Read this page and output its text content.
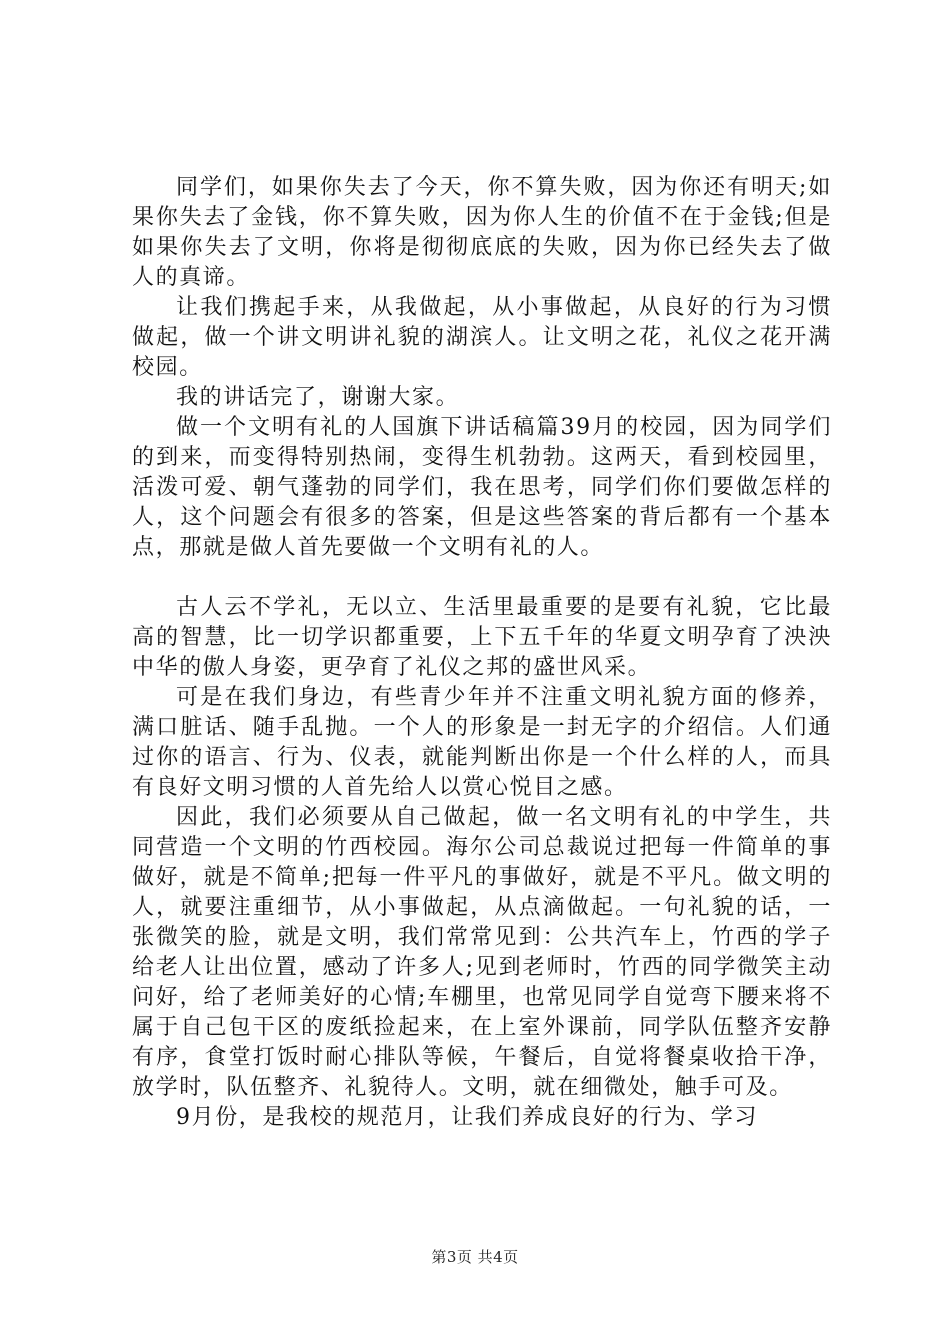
同学们，如果你失去了今天，你不算失败，因为你还有明天;如果你失去了金钱，你不算失败，因为你人生的价值不在于金钱;但是如果你失去了文明，你将是彻彻底底的失败，因为你已经失去了做人的真谛。

让我们携起手来，从我做起，从小事做起，从良好的行为习惯做起，做一个讲文明讲礼貌的湖滨人。让文明之花，礼仪之花开满校园。

我的讲话完了，谢谢大家。

做一个文明有礼的人国旗下讲话稿篇39月的校园，因为同学们的到来，而变得特别热闹，变得生机勃勃。这两天，看到校园里，活泼可爱、朝气蓬勃的同学们，我在思考，同学们你们要做怎样的人，这个问题会有很多的答案，但是这些答案的背后都有一个基本点，那就是做人首先要做一个文明有礼的人。

古人云不学礼，无以立、生活里最重要的是要有礼貌，它比最高的智慧，比一切学识都重要，上下五千年的华夏文明孕育了泱泱中华的傲人身姿，更孕育了礼仪之邦的盛世风采。

可是在我们身边，有些青少年并不注重文明礼貌方面的修养，满口脏话、随手乱抛。一个人的形象是一封无字的介绍信。人们通过你的语言、行为、仪表，就能判断出你是一个什么样的人，而具有良好文明习惯的人首先给人以赏心悦目之感。

因此，我们必须要从自己做起，做一名文明有礼的中学生，共同营造一个文明的竹西校园。海尔公司总裁说过把每一件简单的事做好，就是不简单;把每一件平凡的事做好，就是不平凡。做文明的人，就要注重细节，从小事做起，从点滴做起。一句礼貌的话，一张微笑的脸，就是文明，我们常常见到：公共汽车上，竹西的学子给老人让出位置，感动了许多人;见到老师时，竹西的同学微笑主动问好，给了老师美好的心情;车棚里，也常见同学自觉弯下腰来将不属于自己包干区的废纸捡起来，在上室外课前，同学队伍整齐安静有序，食堂打饭时耐心排队等候，午餐后，自觉将餐桌收拾干净，放学时，队伍整齐、礼貌待人。文明，就在细微处，触手可及。

9月份，是我校的规范月，让我们养成良好的行为、学习

第3页 共4页
